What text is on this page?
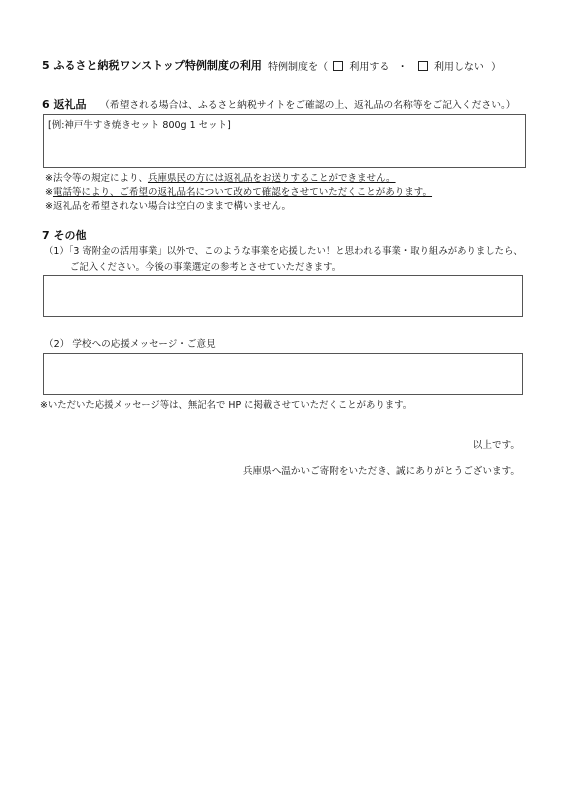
5 ふるさと納税ワンストップ特例制度の利用 特例制度を（ 利用する ・	利用しない ）
6 返礼品 （希望される場合は、ふるさと納税サイトをご確認の上、返礼品の名称等をご記入ください。）
[例:神戸牛すき焼きセット 800g 1 セット]
※法令等の規定により、兵庫県民の方には返礼品をお送りすることができません。
※電話等により、ご希望の返礼品名について改めて確認をさせていただくことがあります。
※返礼品を希望されない場合は空白のままで構いません。
7 その他
（1）「3 寄附金の活用事業」以外で、このような事業を応援したい！と思われる事業・取り組みがありましたら、
ご記入ください。今後の事業選定の参考とさせていただきます。
（2） 学校への応援メッセージ・ご意見
※いただいた応援メッセージ等は、無記名で HP に掲載させていただくことがあります。
以上です。
兵庫県へ温かいご寄附をいただき、誠にありがとうございます。
